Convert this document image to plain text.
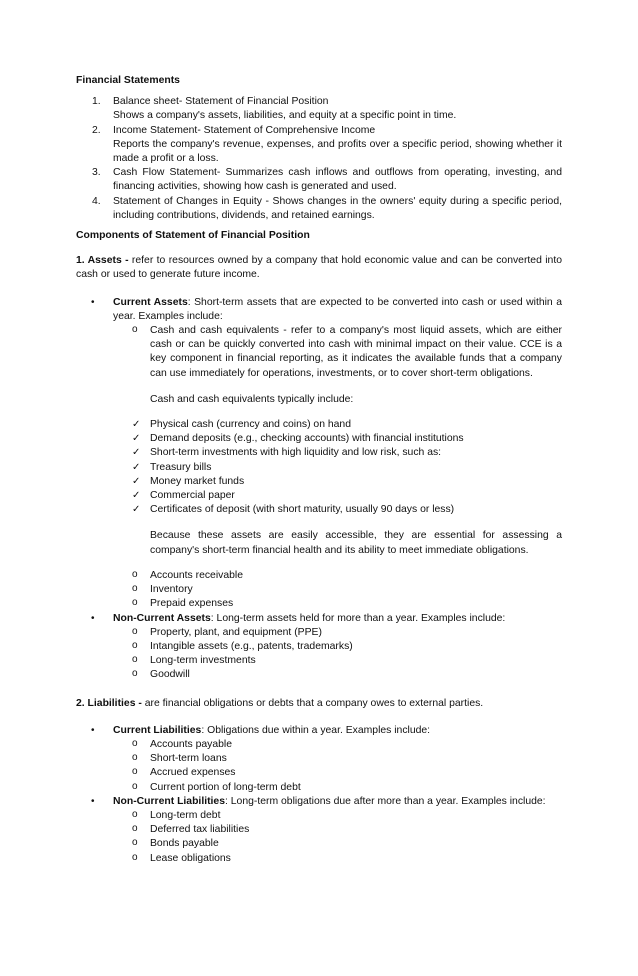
Financial Statements

1. Balance sheet- Statement of Financial Position
Shows a company's assets, liabilities, and equity at a specific point in time.
2. Income Statement- Statement of Comprehensive Income
Reports the company's revenue, expenses, and profits over a specific period, showing whether it made a profit or a loss.
3. Cash Flow Statement- Summarizes cash inflows and outflows from operating, investing, and financing activities, showing how cash is generated and used.
4. Statement of Changes in Equity - Shows changes in the owners' equity during a specific period, including contributions, dividends, and retained earnings.

Components of Statement of Financial Position

1. Assets - refer to resources owned by a company that hold economic value and can be converted into cash or used to generate future income.

• Current Assets: Short-term assets that are expected to be converted into cash or used within a year. Examples include:
o Cash and cash equivalents - refer to a company's most liquid assets, which are either cash or can be quickly converted into cash with minimal impact on their value. CCE is a key component in financial reporting, as it indicates the available funds that a company can use immediately for operations, investments, or to cover short-term obligations.
Cash and cash equivalents typically include:
✓ Physical cash (currency and coins) on hand
✓ Demand deposits (e.g., checking accounts) with financial institutions
✓ Short-term investments with high liquidity and low risk, such as:
✓ Treasury bills
✓ Money market funds
✓ Commercial paper
✓ Certificates of deposit (with short maturity, usually 90 days or less)
Because these assets are easily accessible, they are essential for assessing a company's short-term financial health and its ability to meet immediate obligations.
o Accounts receivable
o Inventory
o Prepaid expenses
• Non-Current Assets: Long-term assets held for more than a year. Examples include:
o Property, plant, and equipment (PPE)
o Intangible assets (e.g., patents, trademarks)
o Long-term investments
o Goodwill

2. Liabilities - are financial obligations or debts that a company owes to external parties.

• Current Liabilities: Obligations due within a year. Examples include:
o Accounts payable
o Short-term loans
o Accrued expenses
o Current portion of long-term debt
• Non-Current Liabilities: Long-term obligations due after more than a year. Examples include:
o Long-term debt
o Deferred tax liabilities
o Bonds payable
o Lease obligations
